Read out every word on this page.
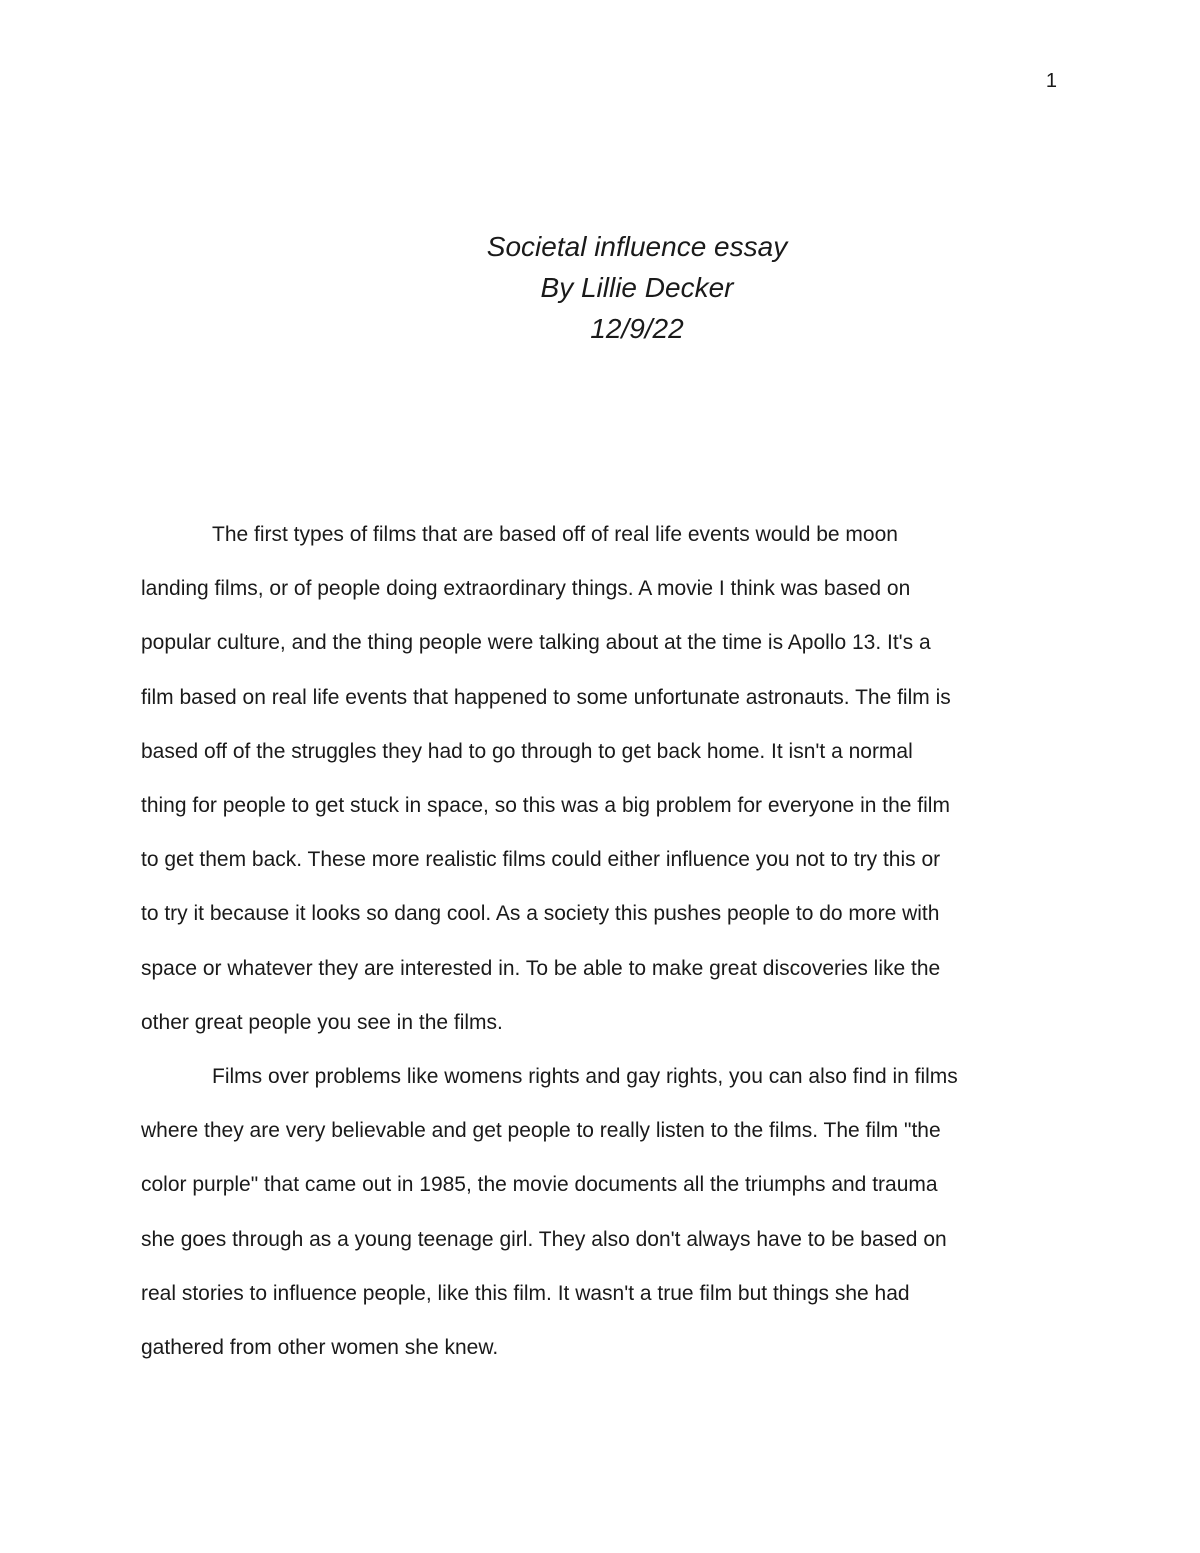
1
Societal influence essay
By Lillie Decker
12/9/22
The first types of films that are based off of real life events would be moon
landing films, or of people doing extraordinary things. A movie I think was based on
popular culture, and the thing people were talking about at the time is Apollo 13. It's a
film based on real life events that happened to some unfortunate astronauts. The film is
based off of the struggles they had to go through to get back home. It isn't a normal
thing for people to get stuck in space, so this was a big problem for everyone in the film
to get them back. These more realistic films could either influence you not to try this or
to try it because it looks so dang cool. As a society this pushes people to do more with
space or whatever they are interested in. To be able to make great discoveries like the
other great people you see in the films.
Films over problems like womens rights and gay rights, you can also find in films
where they are very believable and get people to really listen to the films. The film "the
color purple" that came out in 1985, the movie documents all the triumphs and trauma
she goes through as a young teenage girl. They also don't always have to be based on
real stories to influence people, like this film. It wasn't a true film but things she had
gathered from other women she knew.
